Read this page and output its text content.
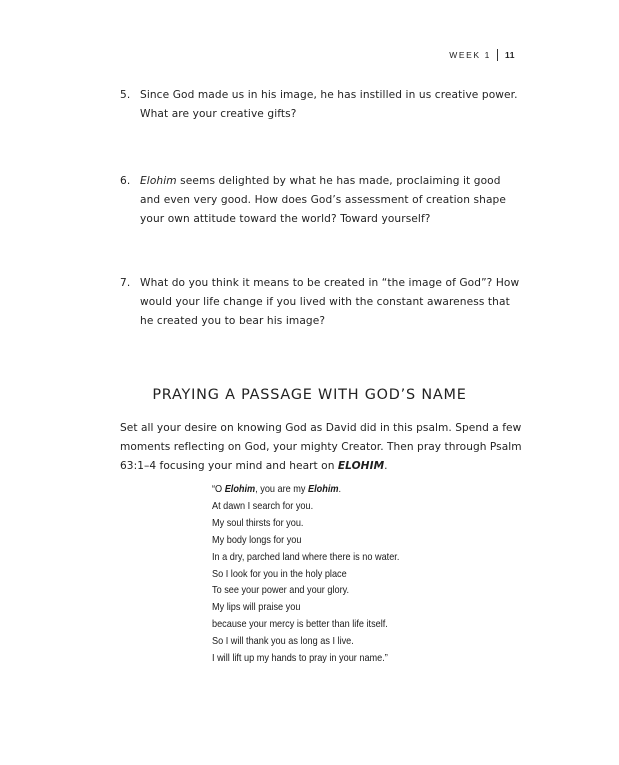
WEEK 1 11
5. Since God made us in his image, he has instilled in us creative power. What are your creative gifts?
6. Elohim seems delighted by what he has made, proclaiming it good and even very good. How does God’s assessment of creation shape your own attitude toward the world? Toward yourself?
7. What do you think it means to be created in “the image of God”? How would your life change if you lived with the constant awareness that he created you to bear his image?
PRAYING A PASSAGE WITH GOD’S NAME
Set all your desire on knowing God as David did in this psalm. Spend a few moments reflecting on God, your mighty Creator. Then pray through Psalm 63:1–4 focusing your mind and heart on ELOHIM.
“O Elohim, you are my Elohim.
At dawn I search for you.
My soul thirsts for you.
My body longs for you
In a dry, parched land where there is no water.
So I look for you in the holy place
To see your power and your glory.
My lips will praise you
because your mercy is better than life itself.
So I will thank you as long as I live.
I will lift up my hands to pray in your name.”
